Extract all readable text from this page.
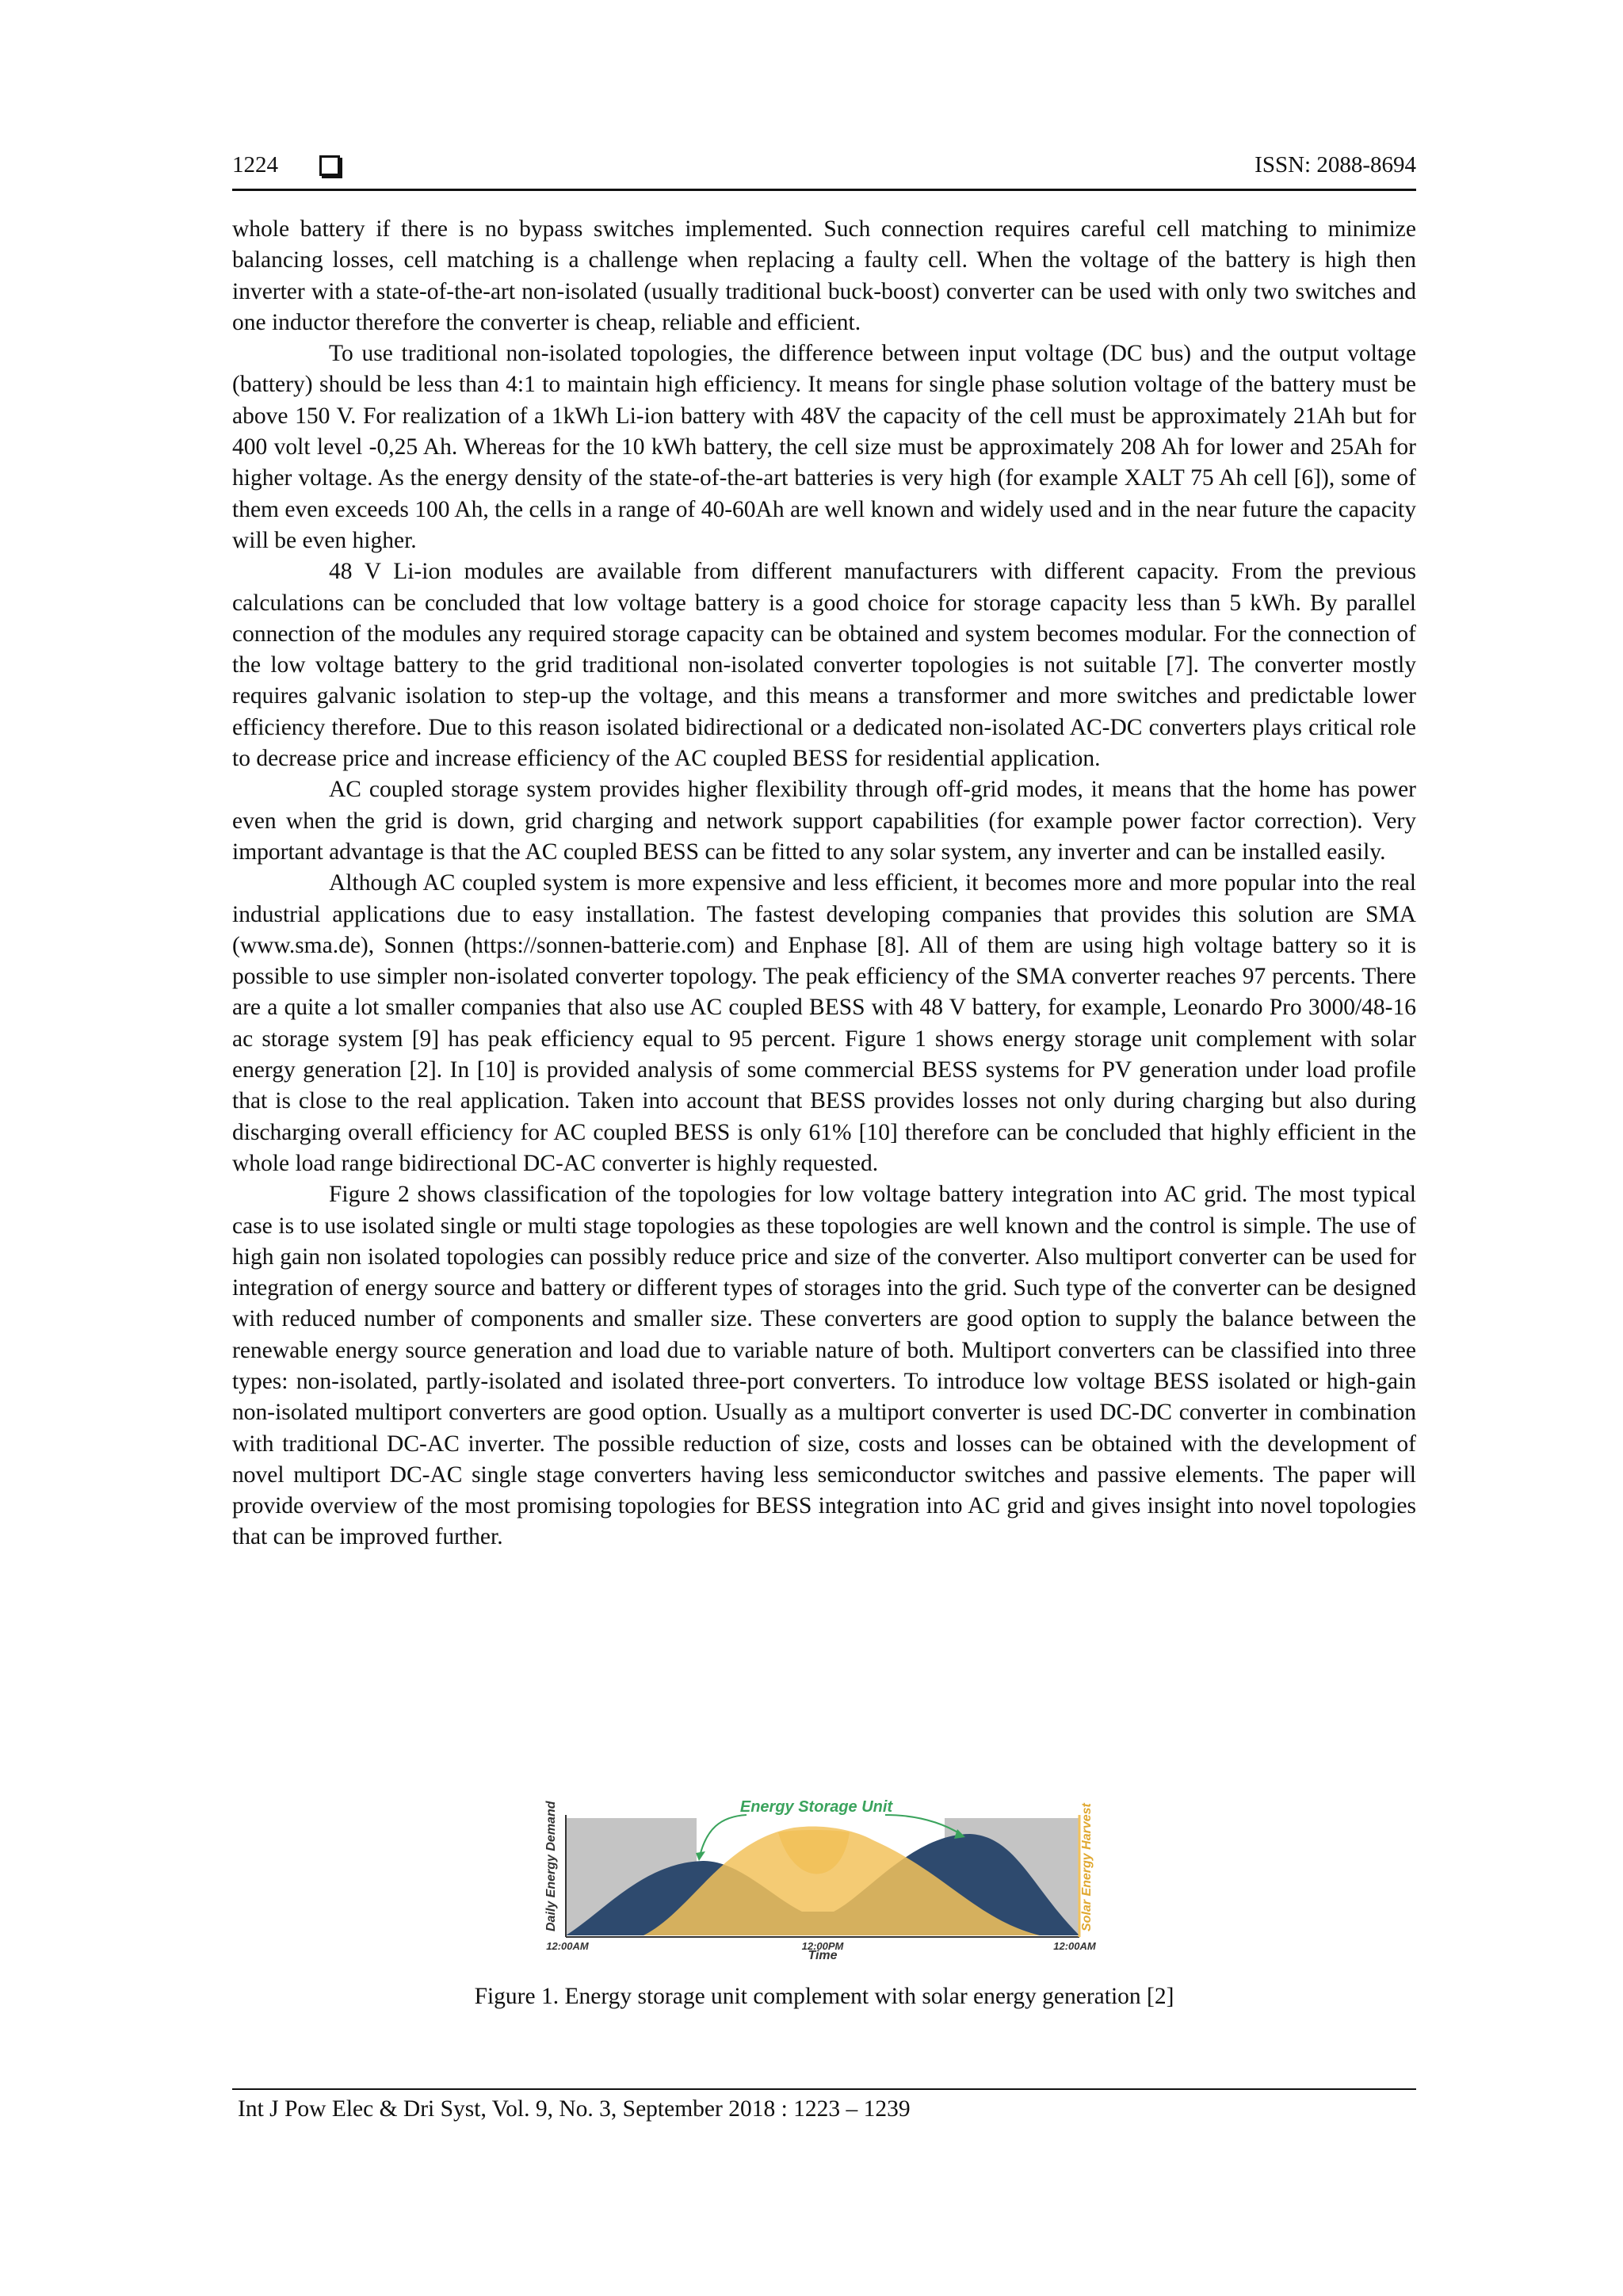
1224	ISSN: 2088-8694

whole battery if there is no bypass switches implemented. Such connection requires careful cell matching to minimize balancing losses, cell matching is a challenge when replacing a faulty cell. When the voltage of the battery is high then inverter with a state-of-the-art non-isolated (usually traditional buck-boost) converter can be used with only two switches and one inductor therefore the converter is cheap, reliable and efficient.

To use traditional non-isolated topologies, the difference between input voltage (DC bus) and the output voltage (battery) should be less than 4:1 to maintain high efficiency. It means for single phase solution voltage of the battery must be above 150 V. For realization of a 1kWh Li-ion battery with 48V the capacity of the cell must be approximately 21Ah but for 400 volt level -0,25 Ah. Whereas for the 10 kWh battery, the cell size must be approximately 208 Ah for lower and 25Ah for higher voltage. As the energy density of the state-of-the-art batteries is very high (for example XALT 75 Ah cell [6]), some of them even exceeds 100 Ah, the cells in a range of 40-60Ah are well known and widely used and in the near future the capacity will be even higher.

48 V Li-ion modules are available from different manufacturers with different capacity. From the previous calculations can be concluded that low voltage battery is a good choice for storage capacity less than 5 kWh. By parallel connection of the modules any required storage capacity can be obtained and system becomes modular. For the connection of the low voltage battery to the grid traditional non-isolated converter topologies is not suitable [7]. The converter mostly requires galvanic isolation to step-up the voltage, and this means a transformer and more switches and predictable lower efficiency therefore. Due to this reason isolated bidirectional or a dedicated non-isolated AC-DC converters plays critical role to decrease price and increase efficiency of the AC coupled BESS for residential application.

AC coupled storage system provides higher flexibility through off-grid modes, it means that the home has power even when the grid is down, grid charging and network support capabilities (for example power factor correction). Very important advantage is that the AC coupled BESS can be fitted to any solar system, any inverter and can be installed easily.

Although AC coupled system is more expensive and less efficient, it becomes more and more popular into the real industrial applications due to easy installation. The fastest developing companies that provides this solution are SMA (www.sma.de), Sonnen (https://sonnen-batterie.com) and Enphase [8]. All of them are using high voltage battery so it is possible to use simpler non-isolated converter topology. The peak efficiency of the SMA converter reaches 97 percents. There are a quite a lot smaller companies that also use AC coupled BESS with 48 V battery, for example, Leonardo Pro 3000/48-16 ac storage system [9] has peak efficiency equal to 95 percent. Figure 1 shows energy storage unit complement with solar energy generation [2]. In [10] is provided analysis of some commercial BESS systems for PV generation under load profile that is close to the real application. Taken into account that BESS provides losses not only during charging but also during discharging overall efficiency for AC coupled BESS is only 61% [10] therefore can be concluded that highly efficient in the whole load range bidirectional DC-AC converter is highly requested.

Figure 2 shows classification of the topologies for low voltage battery integration into AC grid. The most typical case is to use isolated single or multi stage topologies as these topologies are well known and the control is simple. The use of high gain non isolated topologies can possibly reduce price and size of the converter. Also multiport converter can be used for integration of energy source and battery or different types of storages into the grid. Such type of the converter can be designed with reduced number of components and smaller size. These converters are good option to supply the balance between the renewable energy source generation and load due to variable nature of both. Multiport converters can be classified into three types: non-isolated, partly-isolated and isolated three-port converters. To introduce low voltage BESS isolated or high-gain non-isolated multiport converters are good option. Usually as a multiport converter is used DC-DC converter in combination with traditional DC-AC inverter. The possible reduction of size, costs and losses can be obtained with the development of novel multiport DC-AC single stage converters having less semiconductor switches and passive elements. The paper will provide overview of the most promising topologies for BESS integration into AC grid and gives insight into novel topologies that can be improved further.

Energy Storage Unit
Daily Energy Demand	Solar Energy Harvest
12:00AM	12:00PM	12:00AM
Time
Figure 1. Energy storage unit complement with solar energy generation [2]
Int J Pow Elec & Dri Syst, Vol. 9, No. 3, September 2018 : 1223 – 1239
